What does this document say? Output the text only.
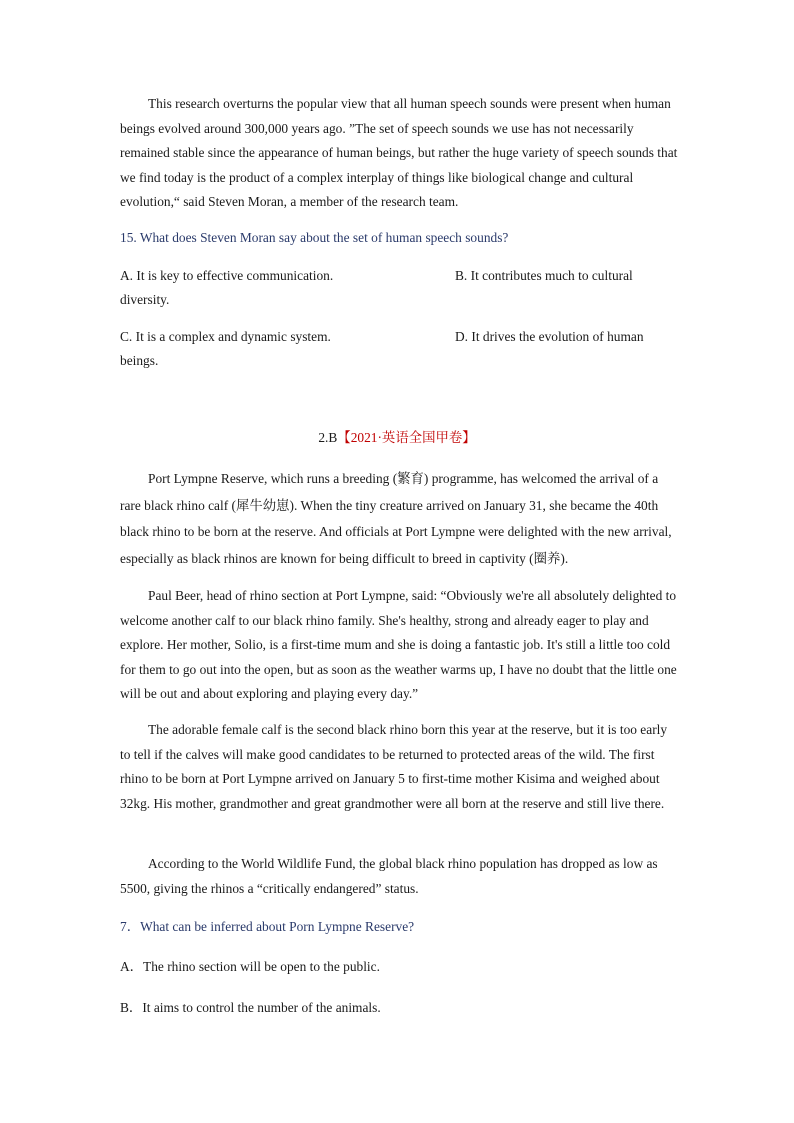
This research overturns the popular view that all human speech sounds were present when human beings evolved around 300,000 years ago. ”The set of speech sounds we use has not necessarily remained stable since the appearance of human beings, but rather the huge variety of speech sounds that we find today is the product of a complex interplay of things like biological change and cultural evolution,“ said Steven Moran, a member of the research team.

15. What does Steven Moran say about the set of human speech sounds?

A. It is key to effective communication.	B. It contributes much to cultural
diversity.
C. It is a complex and dynamic system.	D. It drives the evolution of human
beings.
2.B【2021·英语全国甲卷】

Port Lympne Reserve, which runs a breeding (繁育) programme, has welcomed the arrival of a rare black rhino calf (犀牛幼崽). When the tiny creature arrived on January 31, she became the 40th black rhino to be born at the reserve. And officials at Port Lympne were delighted with the new arrival, especially as black rhinos are known for being difficult to breed in captivity (圈养).

Paul Beer, head of rhino section at Port Lympne, said: “Obviously we're all absolutely delighted to welcome another calf to our black rhino family. She's healthy, strong and already eager to play and explore. Her mother, Solio, is a first-time mum and she is doing a fantastic job. It's still a little too cold for them to go out into the open, but as soon as the weather warms up, I have no doubt that the little one will be out and about exploring and playing every day.”

The adorable female calf is the second black rhino born this year at the reserve, but it is too early to tell if the calves will make good candidates to be returned to protected areas of the wild. The first rhino to be born at Port Lympne arrived on January 5 to first-time mother Kisima and weighed about 32kg. His mother, grandmother and great grandmother were all born at the reserve and still live there.

According to the World Wildlife Fund, the global black rhino population has dropped as low as 5500, giving the rhinos a “critically endangered” status.

7．What can be inferred about Porn Lympne Reserve?

A．The rhino section will be open to the public.

B．It aims to control the number of the animals.
